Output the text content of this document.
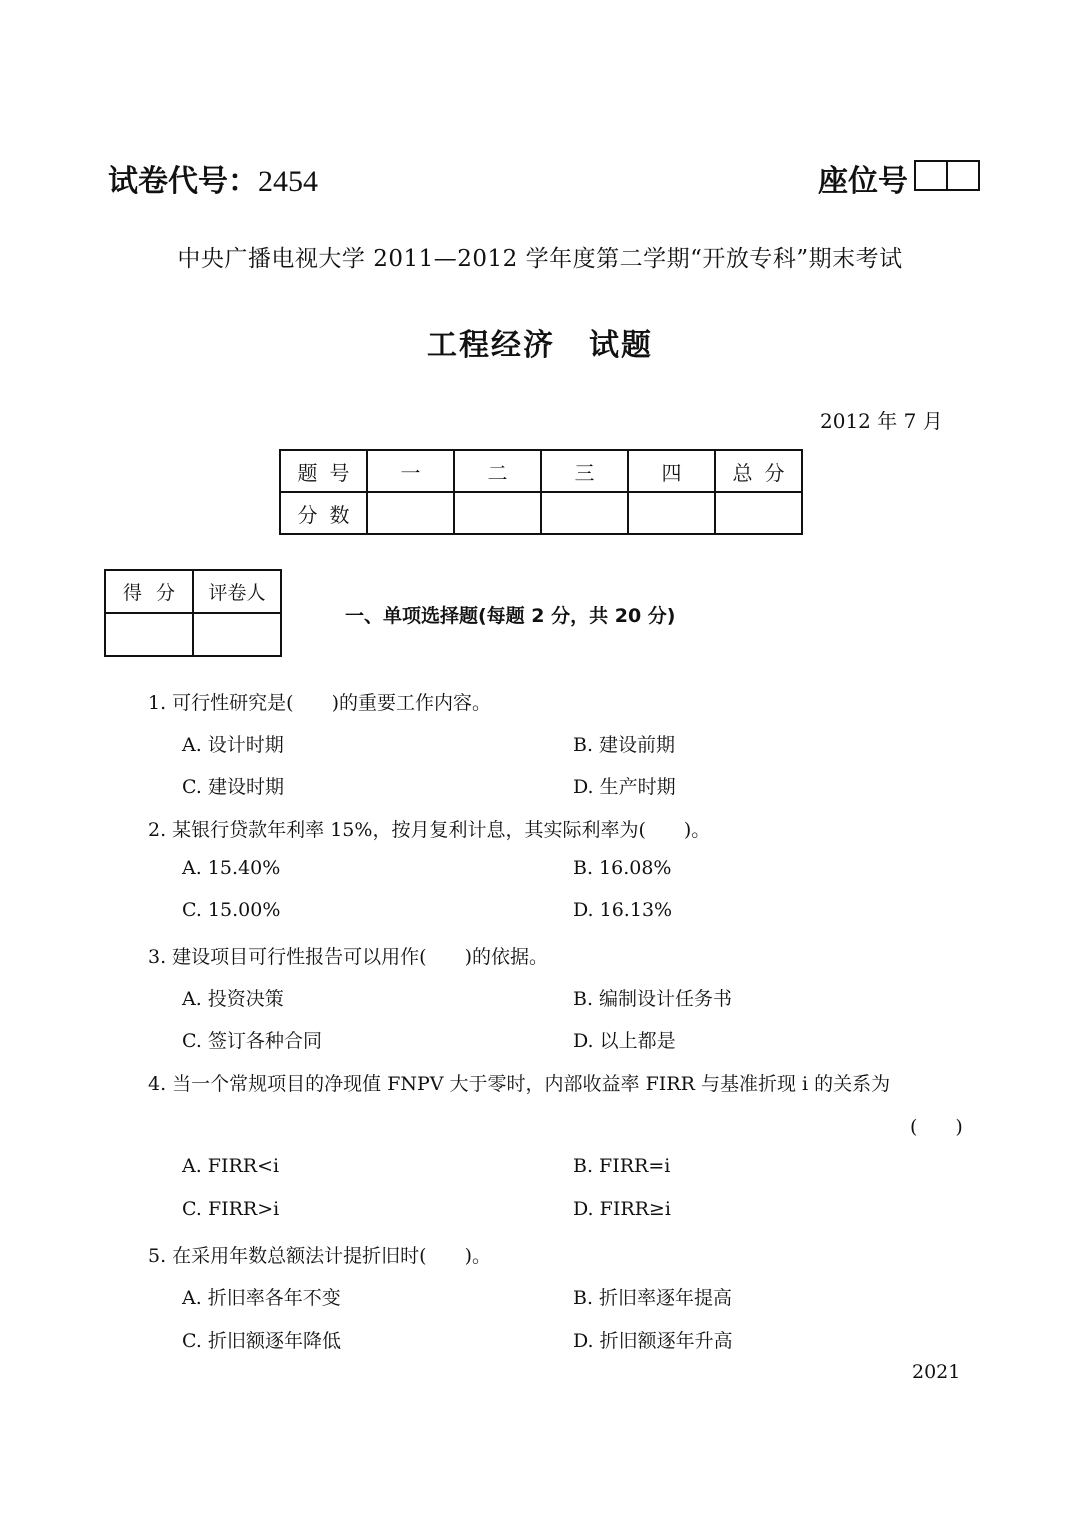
试卷代号：2454	座位号
中央广播电视大学 2011—2012 学年度第二学期“开放专科”期末考试
工程经济 试题
2012 年 7 月
题号	一	二	三	四	总分
分数					
得分	评卷人

一、单项选择题(每题 2 分，共 20 分)
1. 可行性研究是(　　)的重要工作内容。
A. 设计时期	B. 建设前期
C. 建设时期	D. 生产时期
2. 某银行贷款年利率 15%，按月复利计息，其实际利率为(　　)。
A. 15.40%	B. 16.08%
C. 15.00%	D. 16.13%
3. 建设项目可行性报告可以用作(　　)的依据。
A. 投资决策	B. 编制设计任务书
C. 签订各种合同	D. 以上都是
4. 当一个常规项目的净现值 FNPV 大于零时，内部收益率 FIRR 与基准折现 i 的关系为
(　　)
A. FIRR<i	B. FIRR=i
C. FIRR>i	D. FIRR≥i
5. 在采用年数总额法计提折旧时(　　)。
A. 折旧率各年不变	B. 折旧率逐年提高
C. 折旧额逐年降低	D. 折旧额逐年升高
2021
